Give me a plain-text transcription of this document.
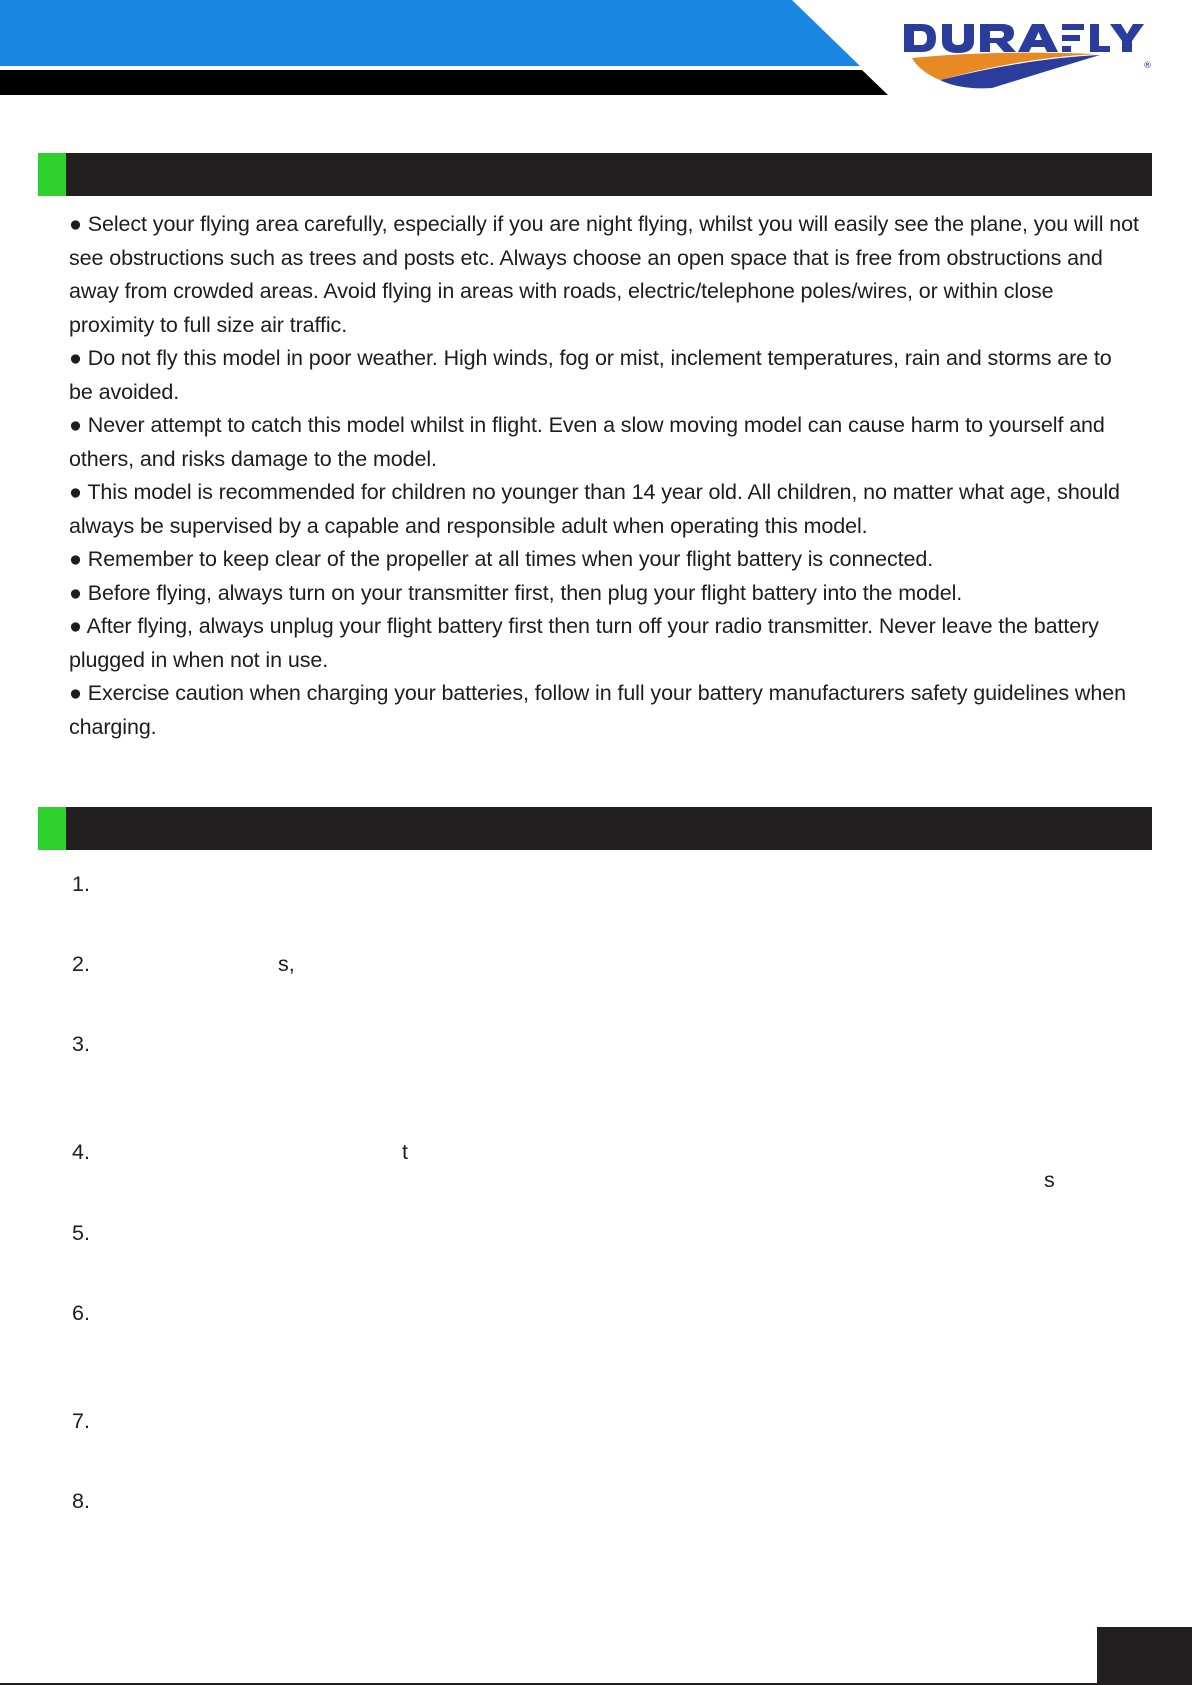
®
● Select your flying area carefully, especially if you are night flying, whilst you will easily see the plane, you will not see obstructions such as trees and posts etc. Always choose an open space that is free from obstructions and away from crowded areas. Avoid flying in areas with roads, electric/telephone poles/wires, or within close proximity to full size air traffic.
● Do not fly this model in poor weather. High winds, fog or mist, inclement temperatures, rain and storms are to be avoided.
● Never attempt to catch this model whilst in flight. Even a slow moving model can cause harm to yourself and others, and risks damage to the model.
● This model is recommended for children no younger than 14 year old. All children, no matter what age, should always be supervised by a capable and responsible adult when operating this model.
● Remember to keep clear of the propeller at all times when your flight battery is connected.
● Before flying, always turn on your transmitter first, then plug your flight battery into the model.
● After flying, always unplug your flight battery first then turn off your radio transmitter. Never leave the battery plugged in when not in use.
● Exercise caution when charging your batteries, follow in full your battery manufacturers safety guidelines when charging.
1.
2.	s,
3.
4.	t
s
5.
6.
7.
8.
